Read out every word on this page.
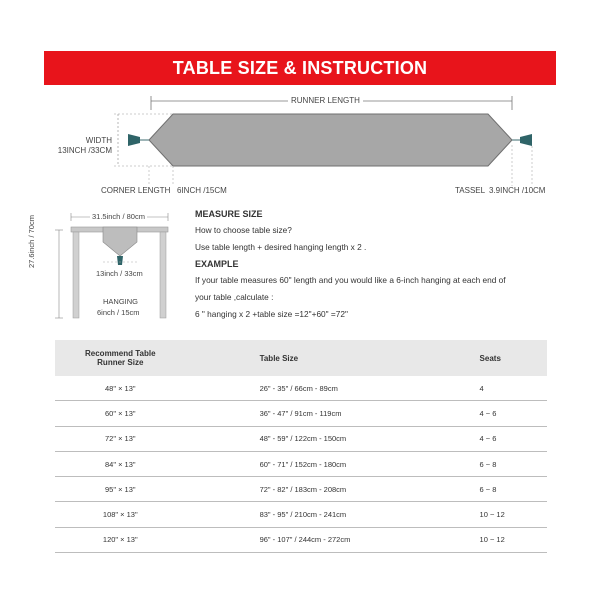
TABLE SIZE & INSTRUCTION
RUNNER LENGTH
WIDTH
13INCH /33CM
CORNER LENGTH 6INCH /15CM	TASSEL 3.9INCH /10CM
31.5inch / 80cm
27.6inch / 70cm
13inch / 33cm
HANGING
6inch / 15cm
MEASURE SIZE
How to choose table size?
Use table length + desired hanging length x 2 .
EXAMPLE
If your table measures 60" length and you would like a 6-inch hanging at each end of
your table ,calculate :
6 " hanging x 2 +table size =12"+60" =72"
Recommend Table Runner Size	Table Size	Seats
48" × 13"	26" - 35" / 66cm - 89cm	4
60" × 13"	36" - 47" / 91cm - 119cm	4 ~ 6
72" × 13"	48" - 59" / 122cm - 150cm	4 ~ 6
84" × 13"	60" - 71" / 152cm - 180cm	6 ~ 8
95" × 13"	72" - 82" / 183cm - 208cm	6 ~ 8
108" × 13"	83" - 95" / 210cm - 241cm	10 ~ 12
120" × 13"	96" - 107" / 244cm - 272cm	10 ~ 12
